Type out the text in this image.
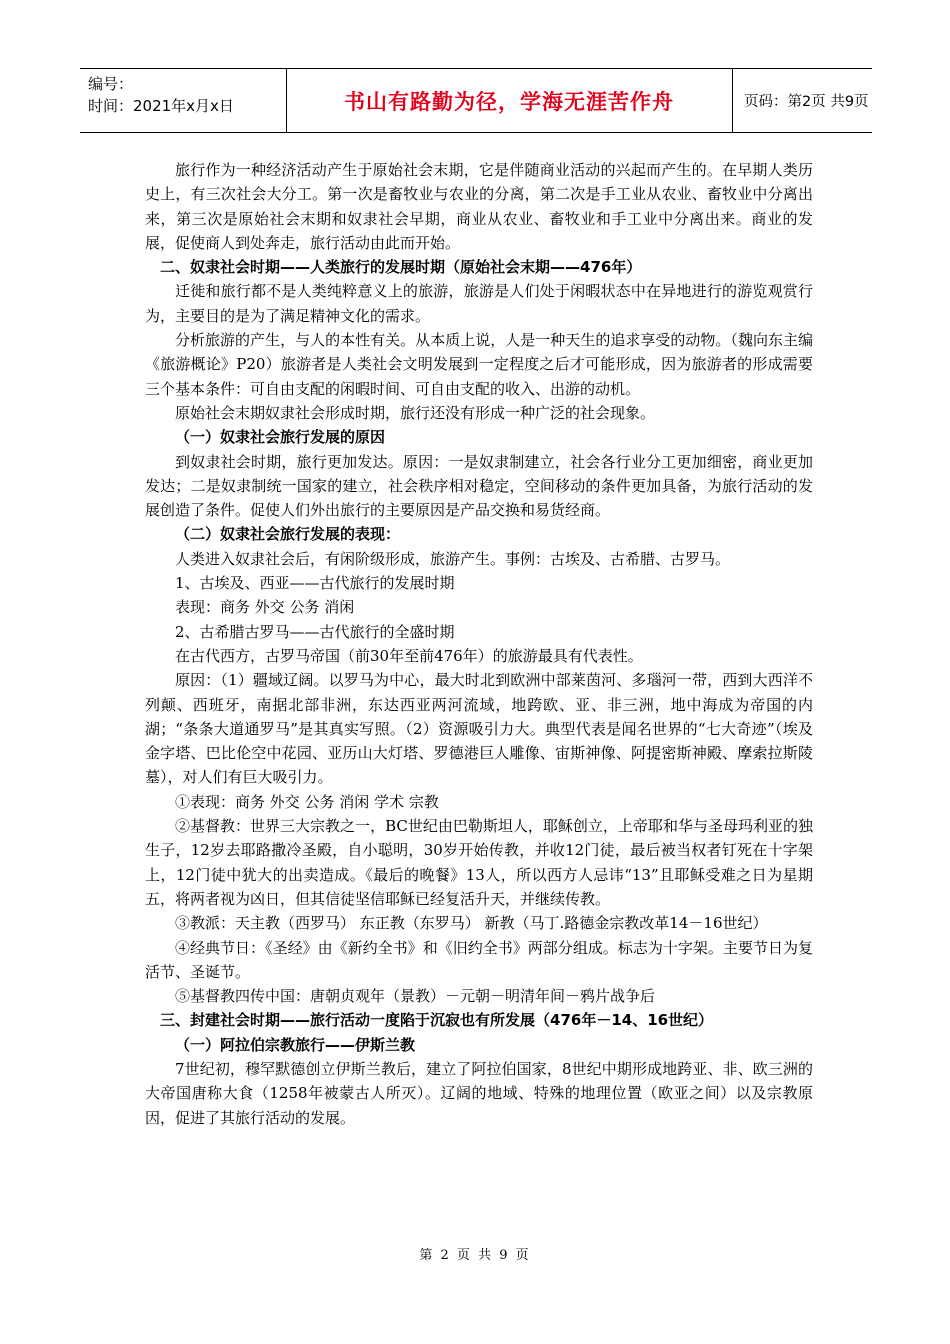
编号：
时间：2021年x月x日	书山有路勤为径，学海无涯苦作舟	页码：第2页 共9页

旅行作为一种经济活动产生于原始社会末期，它是伴随商业活动的兴起而产生的。在早期人类历史上，有三次社会大分工。第一次是畜牧业与农业的分离，第二次是手工业从农业、畜牧业中分离出来，第三次是原始社会末期和奴隶社会早期，商业从农业、畜牧业和手工业中分离出来。商业的发展，促使商人到处奔走，旅行活动由此而开始。

二、奴隶社会时期——人类旅行的发展时期（原始社会末期——476年）

迁徙和旅行都不是人类纯粹意义上的旅游，旅游是人们处于闲暇状态中在异地进行的游览观赏行为，主要目的是为了满足精神文化的需求。

分析旅游的产生，与人的本性有关。从本质上说，人是一种天生的追求享受的动物。（魏向东主编《旅游概论》P20）旅游者是人类社会文明发展到一定程度之后才可能形成，因为旅游者的形成需要三个基本条件：可自由支配的闲暇时间、可自由支配的收入、出游的动机。

原始社会末期奴隶社会形成时期，旅行还没有形成一种广泛的社会现象。

（一）奴隶社会旅行发展的原因

到奴隶社会时期，旅行更加发达。原因：一是奴隶制建立，社会各行业分工更加细密，商业更加发达；二是奴隶制统一国家的建立，社会秩序相对稳定，空间移动的条件更加具备，为旅行活动的发展创造了条件。促使人们外出旅行的主要原因是产品交换和易货经商。

（二）奴隶社会旅行发展的表现：

人类进入奴隶社会后，有闲阶级形成，旅游产生。事例：古埃及、古希腊、古罗马。

1、古埃及、西亚——古代旅行的发展时期

表现：商务 外交 公务 消闲

2、古希腊古罗马——古代旅行的全盛时期

在古代西方，古罗马帝国（前30年至前476年）的旅游最具有代表性。

原因：（1）疆域辽阔。以罗马为中心，最大时北到欧洲中部莱茵河、多瑙河一带，西到大西洋不列颠、西班牙，南据北部非洲，东达西亚两河流域，地跨欧、亚、非三洲，地中海成为帝国的内湖；“条条大道通罗马”是其真实写照。（2）资源吸引力大。典型代表是闻名世界的“七大奇迹”（埃及金字塔、巴比伦空中花园、亚历山大灯塔、罗德港巨人雕像、宙斯神像、阿提密斯神殿、摩索拉斯陵墓），对人们有巨大吸引力。

①表现：商务 外交 公务 消闲 学术 宗教

②基督教：世界三大宗教之一，BC世纪由巴勒斯坦人，耶稣创立，上帝耶和华与圣母玛利亚的独生子，12岁去耶路撒冷圣殿，自小聪明，30岁开始传教，并收12门徒，最后被当权者钉死在十字架上，12门徒中犹大的出卖造成。《最后的晚餐》13人，所以西方人忌讳“13”且耶稣受难之日为星期五，将两者视为凶日，但其信徒坚信耶稣已经复活升天，并继续传教。

③教派：天主教（西罗马） 东正教（东罗马） 新教（马丁.路德金宗教改革14－16世纪）

④经典节日：《圣经》由《新约全书》和《旧约全书》两部分组成。标志为十字架。主要节日为复活节、圣诞节。

⑤基督教四传中国：唐朝贞观年（景教）－元朝－明清年间－鸦片战争后

三、封建社会时期——旅行活动一度陷于沉寂也有所发展（476年－14、16世纪）

（一）阿拉伯宗教旅行——伊斯兰教

7世纪初，穆罕默德创立伊斯兰教后，建立了阿拉伯国家，8世纪中期形成地跨亚、非、欧三洲的大帝国唐称大食（1258年被蒙古人所灭）。辽阔的地域、特殊的地理位置（欧亚之间）以及宗教原因，促进了其旅行活动的发展。

第 2 页 共 9 页
